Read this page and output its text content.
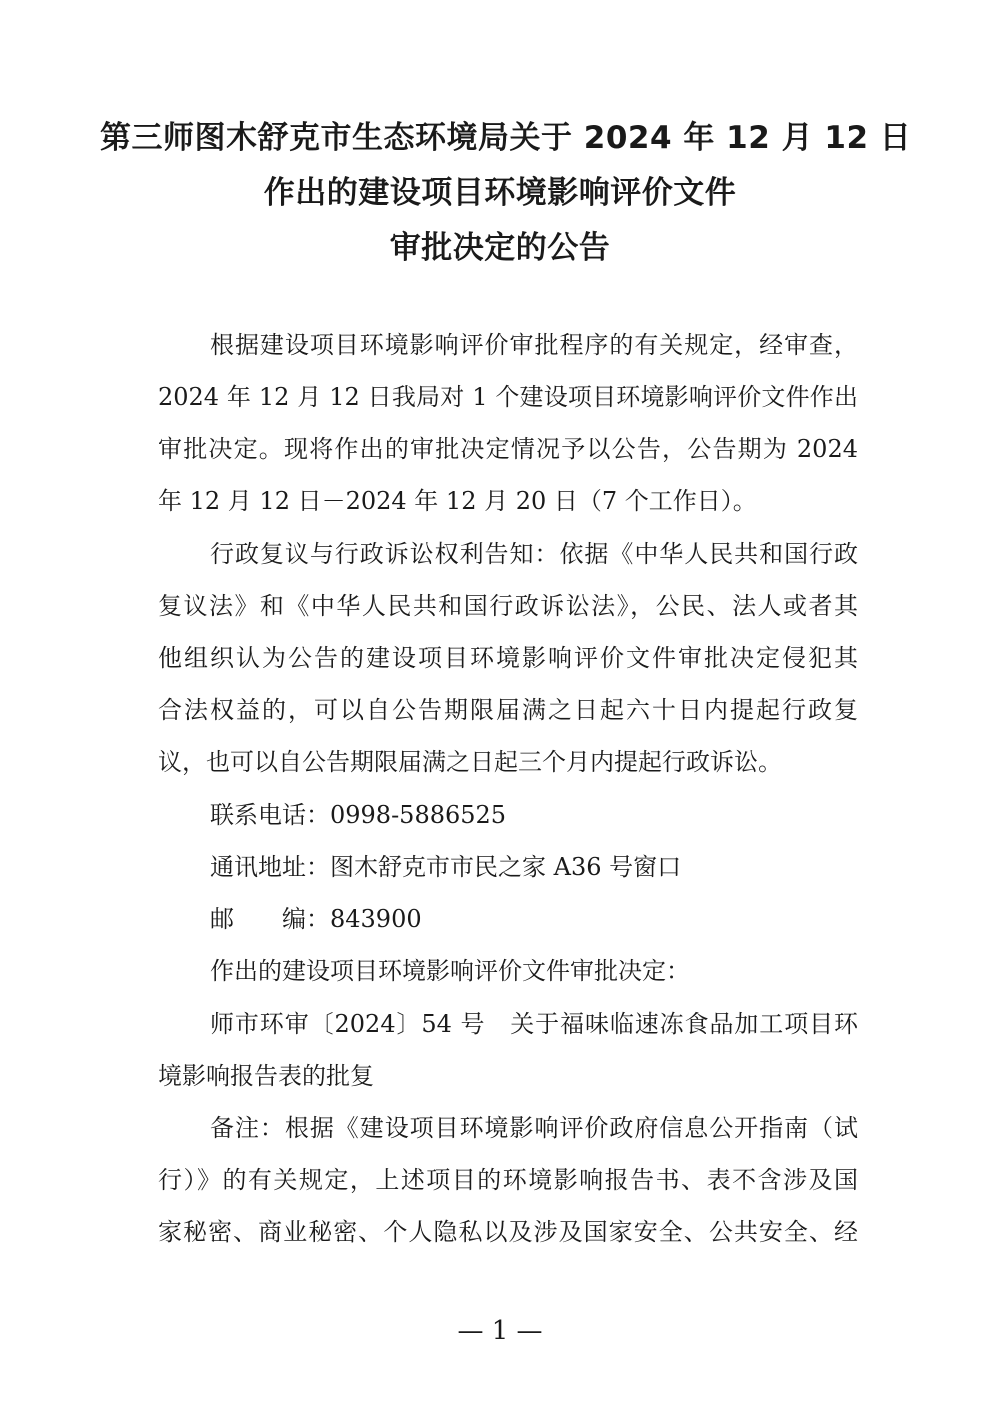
第三师图木舒克市生态环境局关于 2024 年 12 月 12 日
作出的建设项目环境影响评价文件
审批决定的公告
根据建设项目环境影响评价审批程序的有关规定，经审查，
2024 年 12 月 12 日我局对 1 个建设项目环境影响评价文件作出
审批决定。现将作出的审批决定情况予以公告，公告期为 2024
年 12 月 12 日－2024 年 12 月 20 日（7 个工作日）。
行政复议与行政诉讼权利告知：依据《中华人民共和国行政
复议法》和《中华人民共和国行政诉讼法》，公民、法人或者其
他组织认为公告的建设项目环境影响评价文件审批决定侵犯其
合法权益的，可以自公告期限届满之日起六十日内提起行政复
议，也可以自公告期限届满之日起三个月内提起行政诉讼。
联系电话：0998-5886525
通讯地址：图木舒克市市民之家 A36 号窗口
邮　　编：843900
作出的建设项目环境影响评价文件审批决定：
师市环审〔2024〕54 号　关于福味临速冻食品加工项目环
境影响报告表的批复
备注：根据《建设项目环境影响评价政府信息公开指南（试
行）》的有关规定，上述项目的环境影响报告书、表不含涉及国
家秘密、商业秘密、个人隐私以及涉及国家安全、公共安全、经
— 1 —
